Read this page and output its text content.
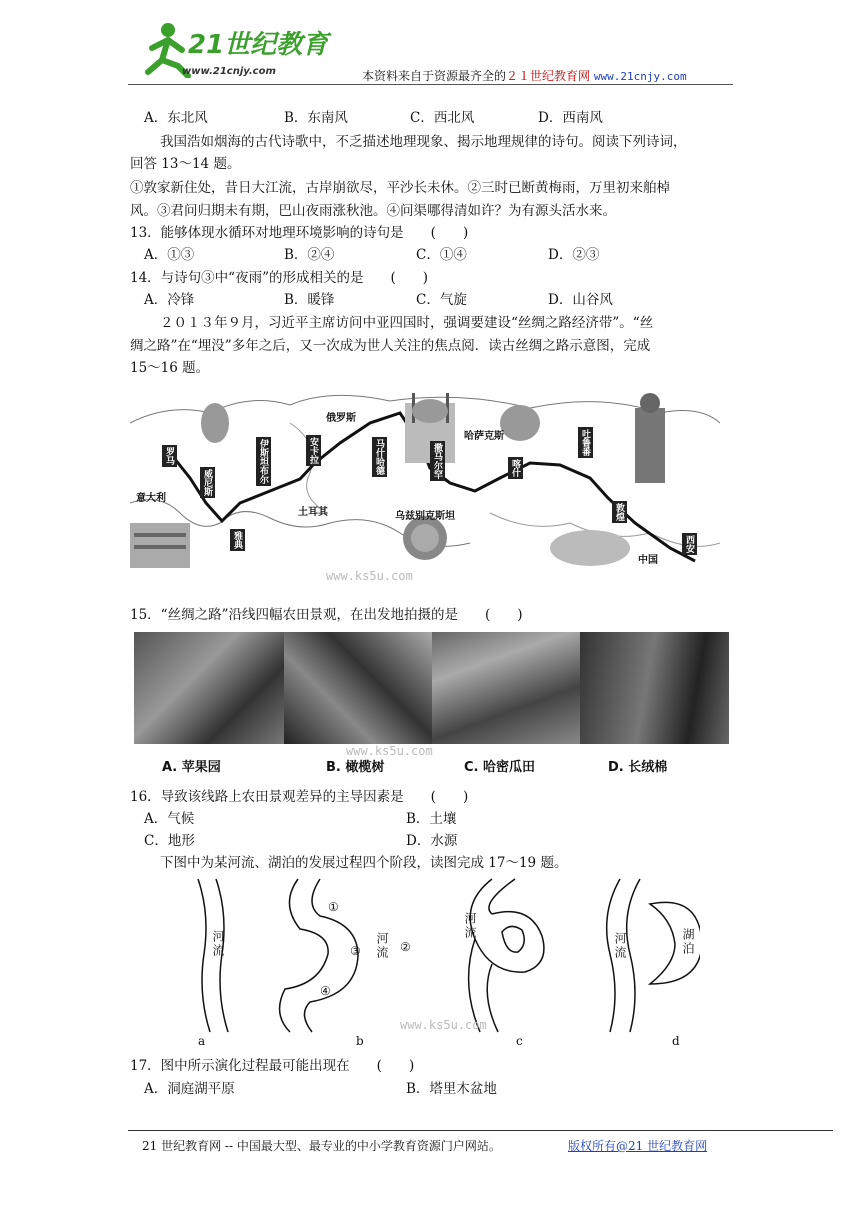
21世纪教育
www.21cnjy.com	本资料来自于资源最齐全的２１世纪教育网 www.21cnjy.com
A．东北风	B．东南风	C．西北风	D．西南风
我国浩如烟海的古代诗歌中，不乏描述地理现象、揭示地理规律的诗句。阅读下列诗词，
回答 13～14 题。
①敦家新住处，昔日大江流，古岸崩欲尽，平沙长未休。②三时已断黄梅雨，万里初来舶棹
风。③君问归期未有期，巴山夜雨涨秋池。④问渠哪得清如许？为有源头活水来。
13．能够体现水循环对地理环境影响的诗句是　　(　　)
A．①③	B．②④	C．①④	D．②③
14．与诗句③中“夜雨”的形成相关的是　　(　　)
A．冷锋	B．暖锋	C．气旋	D．山谷风
２０１３年９月，习近平主席访问中亚四国时，强调要建设“丝绸之路经济带”。“丝
绸之路”在“埋没”多年之后，又一次成为世人关注的焦点阅．读古丝绸之路示意图，完成
15～16 题。
俄罗斯
哈萨克斯
土耳其	乌兹别克斯坦
中国
意大利
罗马
威尼斯
雅典
伊斯坦布尔	安卡拉	马什哈德	撒马尔罕	喀什
吐鲁番
敦煌
西安
www.ks5u.com
15．“丝绸之路”沿线四幅农田景观，在出发地拍摄的是　　(　　)
A. 苹果园	B. 橄榄树	C. 哈密瓜田	D. 长绒棉
www.ks5u.com
16．导致该线路上农田景观差异的主导因素是　　(　　)
A．气候	B．土壤
C．地形	D．水源
下图中为某河流、湖泊的发展过程四个阶段，读图完成 17～19 题。
河流	河流
河流
河流	湖泊
①
②
③
④
a	b	c	d
www.ks5u.com
17．图中所示演化过程最可能出现在　　(　　)
A．洞庭湖平原	B．塔里木盆地
21 世纪教育网 -- 中国最大型、最专业的中小学教育资源门户网站。	版权所有@21 世纪教育网
